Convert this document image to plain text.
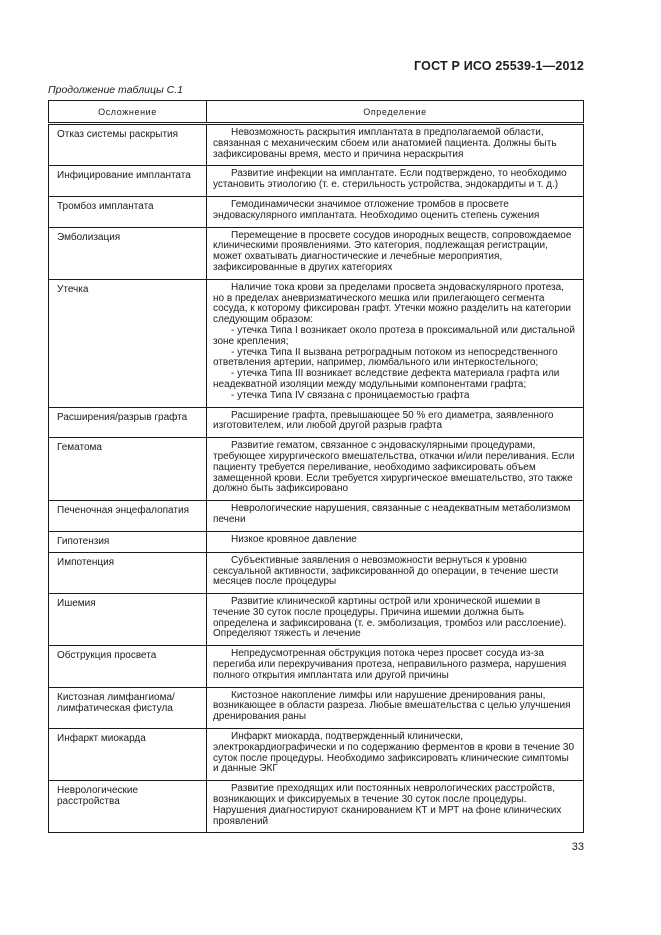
ГОСТ Р ИСО 25539-1—2012
Продолжение таблицы С.1
Осложнение	Определение
Отказ системы раскрытия	Невозможность раскрытия имплантата в предполагаемой области, связанная с механическим сбоем или анатомией пациента. Должны быть зафиксированы время, место и причина нераскрытия

Инфицирование имплантата	Развитие инфекции на имплантате. Если подтверждено, то необходимо установить этиологию (т. е. стерильность устройства, эндокардиты и т. д.)

Тромбоз имплантата	Гемодинамически значимое отложение тромбов в просвете эндоваскулярного имплантата. Необходимо оценить степень сужения

Эмболизация	Перемещение в просвете сосудов инородных веществ, сопровождаемое клиническими проявлениями. Это категория, подлежащая регистрации, может охватывать диагностические и лечебные мероприятия, зафиксированные в других категориях

Утечка	Наличие тока крови за пределами просвета эндоваскулярного протеза, но в пределах аневризматического мешка или прилегающего сегмента сосуда, к которому фиксирован графт. Утечки можно разделить на категории следующим образом:

- утечка Типа I возникает около протеза в проксимальной или дистальной зоне крепления;

- утечка Типа II вызвана ретроградным потоком из непосредственного ответвления артерии, например, люмбального или интеркостельного;

- утечка Типа III возникает вследствие дефекта материала графта или неадекватной изоляции между модульными компонентами графта;

- утечка Типа IV связана с проницаемостью графта

Расширения/разрыв графта	Расширение графта, превышающее 50 % его диаметра, заявленного изготовителем, или любой другой разрыв графта

Гематома	Развитие гематом, связанное с эндоваскулярными процедурами, требующее хирургического вмешательства, откачки и/или переливания. Если пациенту требуется переливание, необходимо зафиксировать объем замещенной крови. Если требуется хирургическое вмешательство, это также должно быть зафиксировано

Печеночная энцефалопатия	Неврологические нарушения, связанные с неадекватным метаболизмом печени

Гипотензия	Низкое кровяное давление

Импотенция	Субъективные заявления о невозможности вернуться к уровню сексуальной активности, зафиксированной до операции, в течение шести месяцев после процедуры

Ишемия	Развитие клинической картины острой или хронической ишемии в течение 30 суток после процедуры. Причина ишемии должна быть определена и зафиксирована (т. е. эмболизация, тромбоз или расслоение). Определяют тяжесть и лечение

Обструкция просвета	Непредусмотренная обструкция потока через просвет сосуда из-за перегиба или перекручивания протеза, неправильного размера, нарушения полного открытия имплантата или другой причины

Кистозная лимфангиома/лимфатическая фистула	Кистозное накопление лимфы или нарушение дренирования раны, возникающее в области разреза. Любые вмешательства с целью улучшения дренирования раны

Инфаркт миокарда	Инфаркт миокарда, подтвержденный клинически, электрокардиографически и по содержанию ферментов в крови в течение 30 суток после процедуры. Необходимо зафиксировать клинические симптомы и данные ЭКГ

Неврологические расстройства	Развитие преходящих или постоянных неврологических расстройств, возникающих и фиксируемых в течение 30 суток после процедуры. Нарушения диагностируют сканированием КТ и МРТ на фоне клинических проявлений

33
